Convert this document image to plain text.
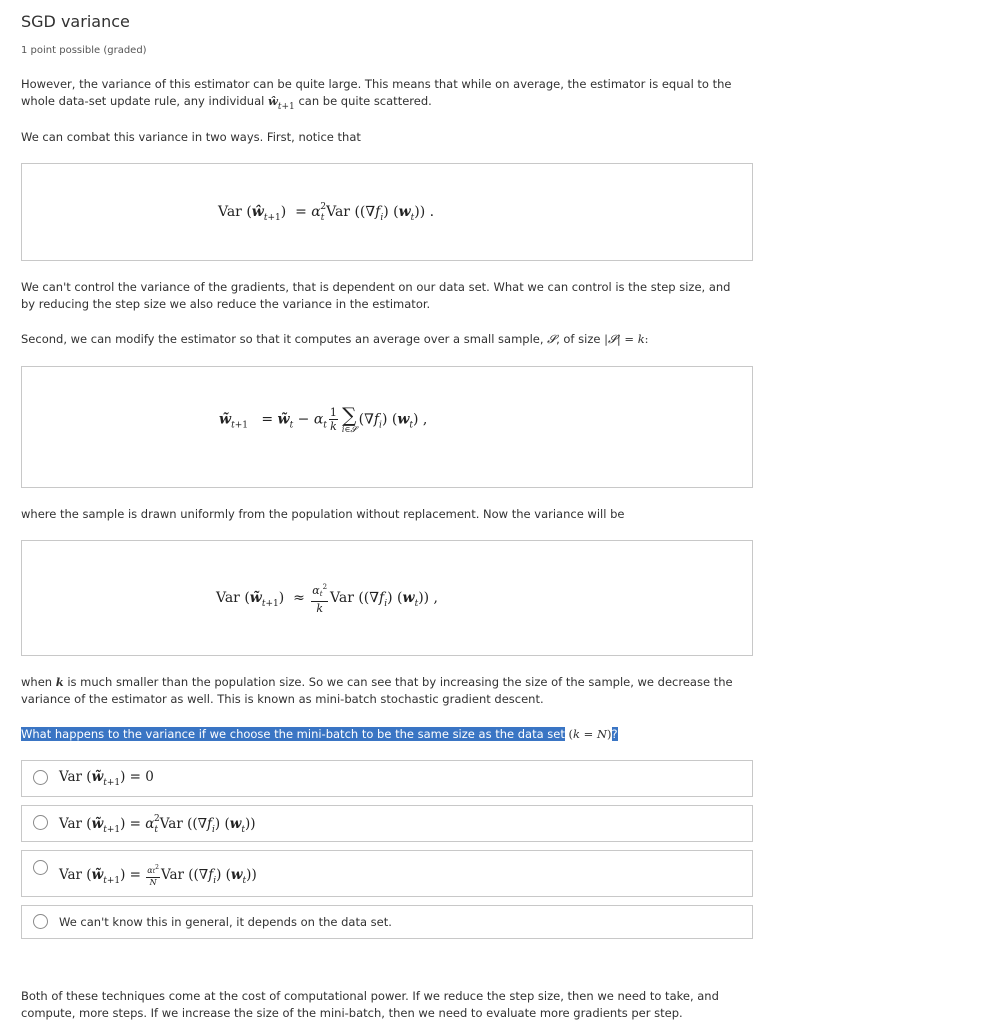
SGD variance
1 point possible (graded)
However, the variance of this estimator can be quite large. This means that while on average, the estimator is equal to the
whole data-set update rule, any individual $ŵ_{t+1}$ can be quite scattered.
We can combat this variance in two ways. First, notice that
Var $(ŵ_{t+1}) = \alpha_t^2Var$ ($(\nabla f_i)$ $(w_t)$) .
We can't control the variance of the gradients, that is dependent on our data set. What we can control is the step size, and
by reducing the step size we also reduce the variance in the estimator.
Second, we can modify the estimator so that it computes an average over a small sample, 𝓢, of size |𝓢| = k:
$w̃_{t+1}$   = $w̃_t - \alpha_t \frac{1}{k}$ ∑
i∈𝓢
$(\nabla f_i)$ $(w_t)$ ,
where the sample is drawn uniformly from the population without replacement. Now the variance will be
Var $(w̃_{t+1}) \approx \frac{\alpha t^2}{k}$ Var ($(\nabla f_i)$ $(w_t)$) ,
when k is much smaller than the population size. So we can see that by increasing the size of the sample, we decrease the
variance of the estimator as well. This is known as mini-batch stochastic gradient descent.
What happens to the variance if we choose the mini-batch to be the same size as the data set (k = N)?
Var $(w̃_{t+1}) = 0$
Var $(w̃_{t+1}) = \alpha_t^2Var$ ($(\nabla f_i)$ $(w_t)$)
Var $(w̃_{t+1}) = \frac{\alpha t^2}{N}$ Var ($(\nabla f_i)$ $(w_t)$)
We can't know this in general, it depends on the data set.
Both of these techniques come at the cost of computational power. If we reduce the step size, then we need to take, and
compute, more steps. If we increase the size of the mini-batch, then we need to evaluate more gradients per step.
